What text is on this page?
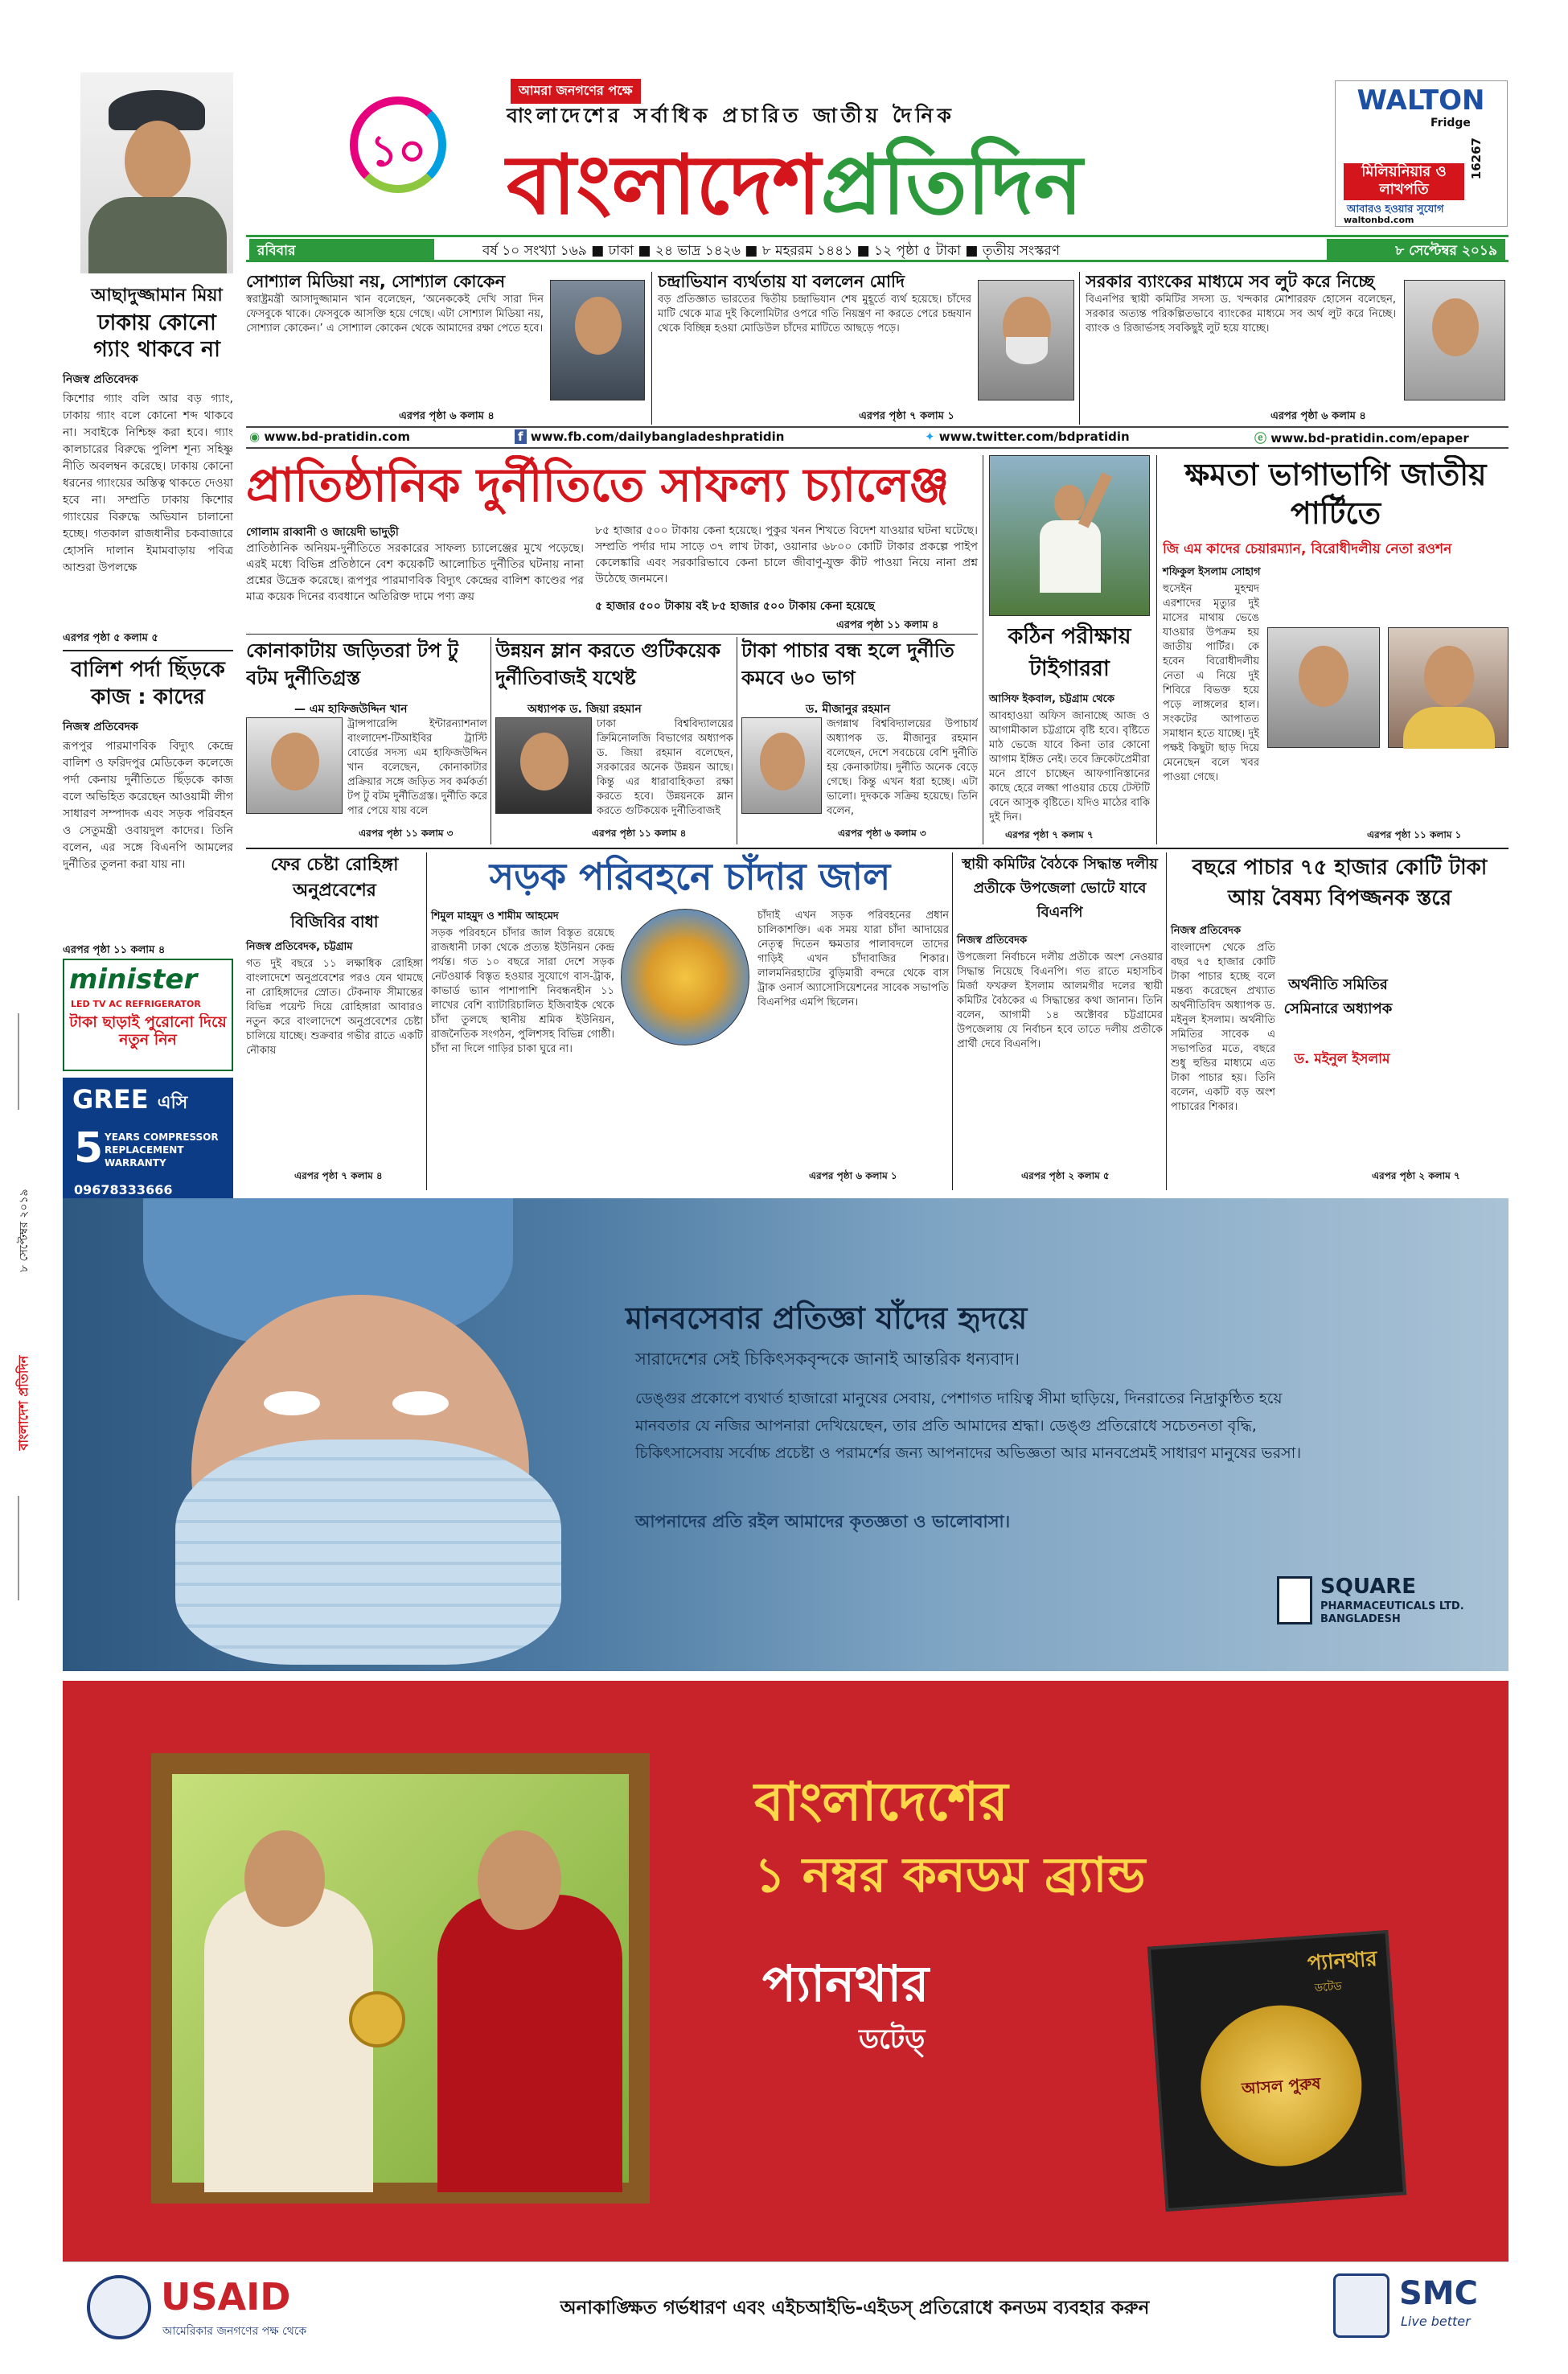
আছাদুজ্জামান মিয়া
ঢাকায় কোনো গ্যাং থাকবে না
নিজস্ব প্রতিবেদক
কিশোর গ্যাং বলি আর বড় গ্যাং, ঢাকায় গ্যাং বলে কোনো শব্দ থাকবে না। সবাইকে নিশ্চিহ্ন করা হবে। গ্যাং কালচারের বিরুদ্ধে পুলিশ শূন্য সহিষ্ণু নীতি অবলম্বন করেছে। ঢাকায় কোনো ধরনের গ্যাংয়ের অস্তিত্ব থাকতে দেওয়া হবে না। সম্প্রতি ঢাকায় কিশোর গ্যাংয়ের বিরুদ্ধে অভিযান চালানো হচ্ছে। গতকাল রাজধানীর চকবাজারে হোসনি দালান ইমামবাড়ায় পবিত্র আশুরা উপলক্ষে
এরপর পৃষ্ঠা ৫ কলাম ৫
বালিশ পর্দা ছিঁড়কে কাজ : কাদের
নিজস্ব প্রতিবেদক
রূপপুর পারমাণবিক বিদ্যুৎ কেন্দ্রে বালিশ ও ফরিদপুর মেডিকেল কলেজে পর্দা কেনায় দুর্নীতিতে ছিঁড়কে কাজ বলে অভিহিত করেছেন আওয়ামী লীগ সাধারণ সম্পাদক এবং সড়ক পরিবহন ও সেতুমন্ত্রী ওবায়দুল কাদের। তিনি বলেন, এর সঙ্গে বিএনপি আমলের দুর্নীতির তুলনা করা যায় না।
এরপর পৃষ্ঠা ১১ কলাম ৪
minister
LED TV AC REFRIGERATOR
টাকা ছাড়াই পুরোনো দিয়ে নতুন নিন
GREE এসি
5 YEARS COMPRESSOR REPLACEMENT WARRANTY
09678333666
৮ সেপ্টেম্বর ২০১৯
বাংলাদেশ প্রতিদিন
১০
আমরা জনগণের পক্ষে
বাংলাদেশের সর্বাধিক প্রচারিত জাতীয় দৈনিক
বাংলাদেশপ্রতিদিন
WALTON
Fridge
16267
মিলিয়নিয়ার ও লাখপতি
আবারও হওয়ার সুযোগ
waltonbd.com
রবিবার	বর্ষ ১০ সংখ্যা ১৬৯ ■ ঢাকা ■ ২৪ ভাদ্র ১৪২৬ ■ ৮ মহররম ১৪৪১ ■ ১২ পৃষ্ঠা ৫ টাকা ■ তৃতীয় সংস্করণ	৮ সেপ্টেম্বর ২০১৯
সোশ্যাল মিডিয়া নয়, সোশ্যাল কোকেন
স্বরাষ্ট্রমন্ত্রী আসাদুজ্জামান খান বলেছেন, ‘অনেককেই দেখি সারা দিন ফেসবুকে থাকে। ফেসবুকে আসক্তি হয়ে গেছে। এটা সোশ্যাল মিডিয়া নয়, সোশ্যাল কোকেন।’ এ সোশ্যাল কোকেন থেকে আমাদের রক্ষা পেতে হবে।
এরপর পৃষ্ঠা ৬ কলাম ৪
চন্দ্রাভিযান ব্যর্থতায় যা বললেন মোদি
বড় প্রতিজ্ঞাত ভারতের দ্বিতীয় চন্দ্রাভিযান শেষ মুহূর্তে ব্যর্থ হয়েছে। চাঁদের মাটি থেকে মাত্র দুই কিলোমিটার ওপরে গতি নিয়ন্ত্রণ না করতে পেরে চন্দ্রযান থেকে বিচ্ছিন্ন হওয়া মোডিউল চাঁদের মাটিতে আছড়ে পড়ে।
এরপর পৃষ্ঠা ৭ কলাম ১
সরকার ব্যাংকের মাধ্যমে সব লুট করে নিচ্ছে
বিএনপির স্থায়ী কমিটির সদস্য ড. খন্দকার মোশাররফ হোসেন বলেছেন, সরকার অত্যন্ত পরিকল্পিতভাবে ব্যাংকের মাধ্যমে সব অর্থ লুট করে নিচ্ছে। ব্যাংক ও রিজার্ভসহ সবকিছুই লুট হয়ে যাচ্ছে।
এরপর পৃষ্ঠা ৬ কলাম ৪
◉ www.bd-pratidin.com	f www.fb.com/dailybangladeshpratidin	✦ www.twitter.com/bdpratidin	ⓔ www.bd-pratidin.com/epaper
প্রাতিষ্ঠানিক দুর্নীতিতে সাফল্য চ্যালেঞ্জ
গোলাম রাব্বানী ও জায়েদী ভাদুড়ী
প্রাতিষ্ঠানিক অনিয়ম-দুর্নীতিতে সরকারের সাফল্য চ্যালেঞ্জের মুখে পড়েছে। এরই মধ্যে বিভিন্ন প্রতিষ্ঠানে বেশ কয়েকটি আলোচিত দুর্নীতির ঘটনায় নানা প্রশ্নের উদ্রেক করেছে। রূপপুর পারমাণবিক বিদ্যুৎ কেন্দ্রের বালিশ কাণ্ডের পর মাত্র কয়েক দিনের ব্যবধানে অতিরিক্ত দামে পণ্য ক্রয়
৮৫ হাজার ৫০০ টাকায় কেনা হয়েছে। পুকুর খনন শিখতে বিদেশ যাওয়ার ঘটনা ঘটেছে। সম্প্রতি পর্দার দাম সাড়ে ৩৭ লাখ টাকা, ওয়ানার ৬৮০০ কোটি টাকার প্রকল্পে পাইপ কেলেঙ্কারি এবং সরকারিভাবে কেনা চালে জীবাণু-যুক্ত কীট পাওয়া নিয়ে নানা প্রশ্ন উঠেছে জনমনে।
৫ হাজার ৫০০ টাকায় বই ৮৫ হাজার ৫০০ টাকায় কেনা হয়েছে
এরপর পৃষ্ঠা ১১ কলাম ৪
কোনাকাটায় জড়িতরা টপ টু বটম দুর্নীতিগ্রস্ত
— এম হাফিজউদ্দিন খান
ট্রান্সপারেন্সি ইন্টারন্যাশনাল বাংলাদেশ-টিআইবির ট্রাস্টি বোর্ডের সদস্য এম হাফিজউদ্দিন খান বলেছেন, কোনাকাটার প্রক্রিয়ার সঙ্গে জড়িত সব কর্মকর্তা টপ টু বটম দুর্নীতিগ্রস্ত। দুর্নীতি করে পার পেয়ে যায় বলে
এরপর পৃষ্ঠা ১১ কলাম ৩
উন্নয়ন ম্লান করতে গুটিকয়েক দুর্নীতিবাজই যথেষ্ট
অধ্যাপক ড. জিয়া রহমান
ঢাকা বিশ্ববিদ্যালয়ের ক্রিমিনোলজি বিভাগের অধ্যাপক ড. জিয়া রহমান বলেছেন, সরকারের অনেক উন্নয়ন আছে। কিন্তু এর ধারাবাহিকতা রক্ষা করতে হবে। উন্নয়নকে ম্লান করতে গুটিকয়েক দুর্নীতিবাজই
এরপর পৃষ্ঠা ১১ কলাম ৪
টাকা পাচার বন্ধ হলে দুর্নীতি কমবে ৬০ ভাগ
ড. মীজানুর রহমান
জগন্নাথ বিশ্ববিদ্যালয়ের উপাচার্য অধ্যাপক ড. মীজানুর রহমান বলেছেন, দেশে সবচেয়ে বেশি দুর্নীতি হয় কেনাকাটায়। দুর্নীতি অনেক বেড়ে গেছে। কিন্তু এখন ধরা হচ্ছে। এটা ভালো। দুদককে সক্রিয় হয়েছে। তিনি বলেন,
এরপর পৃষ্ঠা ৬ কলাম ৩
কঠিন পরীক্ষায় টাইগাররা
আসিফ ইকবাল, চট্টগ্রাম থেকে
আবহাওয়া অফিস জানাচ্ছে আজ ও আগামীকাল চট্টগ্রামে বৃষ্টি হবে। বৃষ্টিতে মাঠ ভেজে যাবে কিনা তার কোনো আগাম ইঙ্গিত নেই। তবে ক্রিকেটপ্রেমীরা মনে প্রাণে চাচ্ছেন আফগানিস্তানের কাছে হেরে লজ্জা পাওয়ার চেয়ে টেস্টটি বেনে আসুক বৃষ্টিতে। যদিও মাঠের বাকি দুই দিন।
এরপর পৃষ্ঠা ৭ কলাম ৭
ক্ষমতা ভাগাভাগি জাতীয় পার্টিতে
জি এম কাদের চেয়ারম্যান, বিরোধীদলীয় নেতা রওশন
শফিকুল ইসলাম সোহাগ
হুসেইন মুহম্মদ এরশাদের মৃত্যুর দুই মাসের মাথায় ভেঙে যাওয়ার উপক্রম হয় জাতীয় পার্টির। কে হবেন বিরোধীদলীয় নেতা এ নিয়ে দুই শিবিরে বিভক্ত হয়ে পড়ে লাঙ্গলের হাল। সংকটের আপাতত সমাধান হতে যাচ্ছে। দুই পক্ষই কিছুটা ছাড় দিয়ে মেনেছেন বলে খবর পাওয়া গেছে।
এরপর পৃষ্ঠা ১১ কলাম ১
ফের চেষ্টা রোহিঙ্গা অনুপ্রবেশের
বিজিবির বাধা
নিজস্ব প্রতিবেদক, চট্টগ্রাম
গত দুই বছরে ১১ লক্ষাধিক রোহিঙ্গা বাংলাদেশে অনুপ্রবেশের পরও যেন থামছে না রোহিঙ্গাদের স্রোত। টেকনাফ সীমান্তের বিভিন্ন পয়েন্ট দিয়ে রোহিঙ্গারা আবারও নতুন করে বাংলাদেশে অনুপ্রবেশের চেষ্টা চালিয়ে যাচ্ছে। শুক্রবার গভীর রাতে একটি নৌকায়
এরপর পৃষ্ঠা ৭ কলাম ৪
সড়ক পরিবহনে চাঁদার জাল
শিমুল মাহমুদ ও শামীম আহমেদ
সড়ক পরিবহনে চাঁদার জাল বিস্তৃত রয়েছে রাজধানী ঢাকা থেকে প্রত্যন্ত ইউনিয়ন কেন্দ্র পর্যন্ত। গত ১০ বছরে সারা দেশে সড়ক নেটওয়ার্ক বিস্তৃত হওয়ার সুযোগে বাস-ট্রাক, কাভার্ড ভ্যান পাশাপাশি নিবন্ধনহীন ১১ লাখের বেশি ব্যাটারিচালিত ইজিবাইক থেকে চাঁদা তুলছে স্থানীয় শ্রমিক ইউনিয়ন, রাজনৈতিক সংগঠন, পুলিশসহ বিভিন্ন গোষ্ঠী। চাঁদা না দিলে গাড়ির চাকা ঘুরে না।
চাঁদাই এখন সড়ক পরিবহনের প্রধান চালিকাশক্তি। এক সময় যারা চাঁদা আদায়ের নেতৃত্ব দিতেন ক্ষমতার পালাবদলে তাদের গাড়িই এখন চাঁদাবাজির শিকার। লালমনিরহাটের বুড়িমারী বন্দরে থেকে বাস ট্রাক ওনার্স অ্যাসোসিয়েশনের সাবেক সভাপতি বিএনপির এমপি ছিলেন।
এরপর পৃষ্ঠা ৬ কলাম ১
স্থায়ী কমিটির বৈঠকে সিদ্ধান্ত দলীয় প্রতীকে উপজেলা ভোটে যাবে বিএনপি
নিজস্ব প্রতিবেদক
উপজেলা নির্বাচনে দলীয় প্রতীকে অংশ নেওয়ার সিদ্ধান্ত নিয়েছে বিএনপি। গত রাতে মহাসচিব মির্জা ফখরুল ইসলাম আলমগীর দলের স্থায়ী কমিটির বৈঠকের এ সিদ্ধান্তের কথা জানান। তিনি বলেন, আগামী ১৪ অক্টোবর চট্টগ্রামের উপজেলায় যে নির্বাচন হবে তাতে দলীয় প্রতীকে প্রার্থী দেবে বিএনপি।
এরপর পৃষ্ঠা ২ কলাম ৫
বছরে পাচার ৭৫ হাজার কোটি টাকা আয় বৈষম্য বিপজ্জনক স্তরে
নিজস্ব প্রতিবেদক
বাংলাদেশ থেকে প্রতি বছর ৭৫ হাজার কোটি টাকা পাচার হচ্ছে বলে মন্তব্য করেছেন প্রখ্যাত অর্থনীতিবিদ অধ্যাপক ড. মইনুল ইসলাম। অর্থনীতি সমিতির সাবেক এ সভাপতির মতে, বছরে শুধু হুন্ডির মাধ্যমে এত টাকা পাচার হয়। তিনি বলেন, একটি বড় অংশ পাচারের শিকার।
অর্থনীতি সমিতির সেমিনারে অধ্যাপক
ড. মইনুল ইসলাম
এরপর পৃষ্ঠা ২ কলাম ৭
মানবসেবার প্রতিজ্ঞা যাঁদের হৃদয়ে
সারাদেশের সেই চিকিৎসকবৃন্দকে জানাই আন্তরিক ধন্যবাদ।
ডেঙ্গুর প্রকোপে ব্যথার্ত হাজারো মানুষের সেবায়, পেশাগত দায়িত্ব সীমা ছাড়িয়ে, দিনরাতের নিদ্রাকুন্ঠিত হয়ে মানবতার যে নজির আপনারা দেখিয়েছেন, তার প্রতি আমাদের শ্রদ্ধা। ডেঙ্গু প্রতিরোধে সচেতনতা বৃদ্ধি, চিকিৎসাসেবায় সর্বোচ্চ প্রচেষ্টা ও পরামর্শের জন্য আপনাদের অভিজ্ঞতা আর মানবপ্রেমই সাধারণ মানুষের ভরসা।
আপনাদের প্রতি রইল আমাদের কৃতজ্ঞতা ও ভালোবাসা।
SQUARE
PHARMACEUTICALS LTD.
BANGLADESH
বাংলাদেশের
১ নম্বর কনডম ব্র্যান্ড
প্যানথার
ডটেড্
প্যানথার
ডটেড
আসল পুরুষ
USAID
আমেরিকার জনগণের পক্ষ থেকে
অনাকাঙ্ক্ষিত গর্ভধারণ এবং এইচআইভি-এইডস্ প্রতিরোধে কনডম ব্যবহার করুন	SMC
Live better
